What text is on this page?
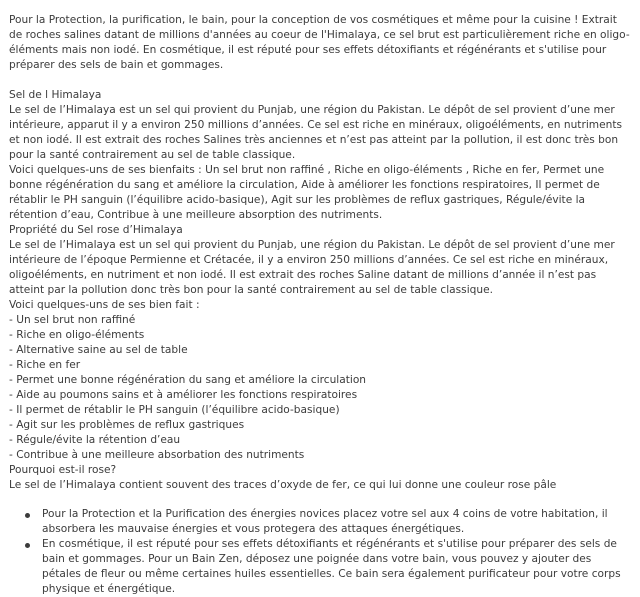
Pour la Protection, la purification, le bain, pour la conception de vos cosmétiques et même pour la cuisine ! Extrait de roches salines datant de millions d'années au coeur de l'Himalaya, ce sel brut est particulièrement riche en oligo-éléments mais non iodé. En cosmétique, il est réputé pour ses effets détoxifiants et régénérants et s'utilise pour préparer des sels de bain et gommages.

Sel de l Himalaya

Le sel de l’Himalaya est un sel qui provient du Punjab, une région du Pakistan. Le dépôt de sel provient d’une mer intérieure, apparut il y a environ 250 millions d’années. Ce sel est riche en minéraux, oligoéléments, en nutriments et non iodé. Il est extrait des roches Salines très anciennes et n’est pas atteint par la pollution, il est donc très bon pour la santé contrairement au sel de table classique.

Voici quelques-uns de ses bienfaits : Un sel brut non raffiné , Riche en oligo-éléments , Riche en fer, Permet une bonne régénération du sang et améliore la circulation, Aide à améliorer les fonctions respiratoires, Il permet de rétablir le PH sanguin (l’équilibre acido-basique), Agit sur les problèmes de reflux gastriques, Régule/évite la rétention d’eau, Contribue à une meilleure absorption des nutriments.

Propriété du Sel rose d’Himalaya

Le sel de l’Himalaya est un sel qui provient du Punjab, une région du Pakistan. Le dépôt de sel provient d’une mer intérieure de l’époque Permienne et Crétacée, il y a environ 250 millions d’années. Ce sel est riche en minéraux, oligoéléments, en nutriment et non iodé. Il est extrait des roches Saline datant de millions d’année il n’est pas atteint par la pollution donc très bon pour la santé contrairement au sel de table classique.

Voici quelques-uns de ses bien fait :

- Un sel brut non raffiné

- Riche en oligo-éléments

- Alternative saine au sel de table

- Riche en fer

- Permet une bonne régénération du sang et améliore la circulation

- Aide au poumons sains et à améliorer les fonctions respiratoires

- Il permet de rétablir le PH sanguin (l’équilibre acido-basique)

- Agit sur les problèmes de reflux gastriques

- Régule/évite la rétention d’eau

- Contribue à une meilleure absorbation des nutriments

Pourquoi est-il rose?

Le sel de l’Himalaya contient souvent des traces d’oxyde de fer, ce qui lui donne une couleur rose pâle

Pour la Protection et la Purification des énergies novices placez votre sel aux 4 coins de votre habitation, il absorbera les mauvaise énergies et vous protegera des attaques énergétiques.
En cosmétique, il est réputé pour ses effets détoxifiants et régénérants et s'utilise pour préparer des sels de bain et gommages. Pour un Bain Zen, déposez une poignée dans votre bain, vous pouvez y ajouter des pétales de fleur ou même certaines huiles essentielles. Ce bain sera également purificateur pour votre corps physique et énergétique.
